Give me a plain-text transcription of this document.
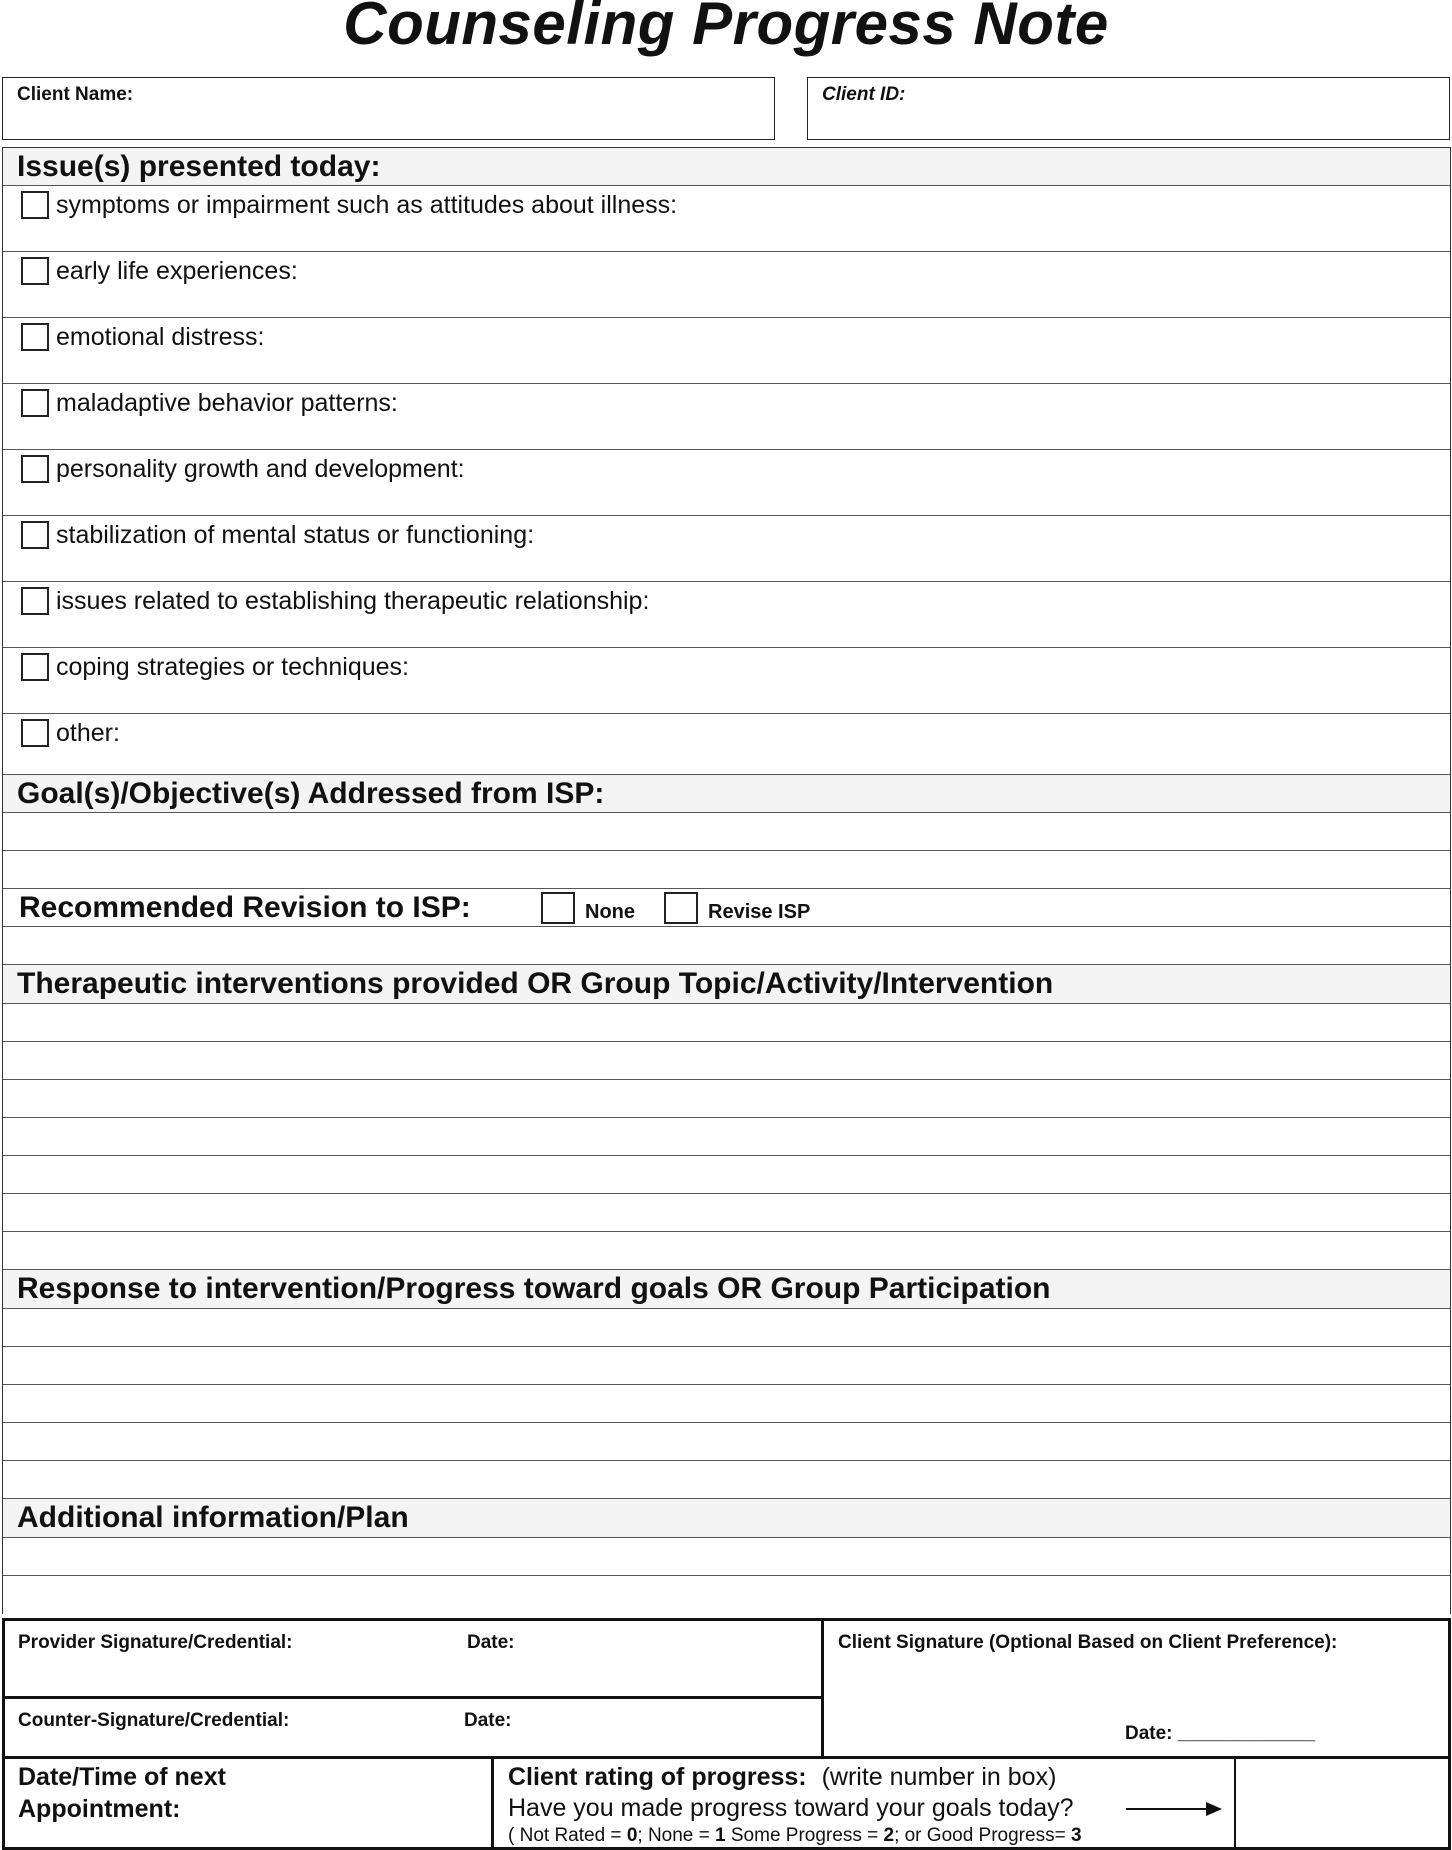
Counseling Progress Note
Client Name:	Client ID:
Issue(s) presented today:
symptoms or impairment such as attitudes about illness:
early life experiences:
emotional distress:
maladaptive behavior patterns:
personality growth and development:
stabilization of mental status or functioning:
issues related to establishing therapeutic relationship:
coping strategies or techniques:
other:
Goal(s)/Objective(s) Addressed from ISP:
Recommended Revision to ISP:	None	Revise ISP
Therapeutic interventions provided OR Group Topic/Activity/Intervention
Response to intervention/Progress toward goals OR Group Participation
Additional information/Plan
Provider Signature/Credential:	Date:
Counter-Signature/Credential:	Date:
Client Signature (Optional Based on Client Preference):
Date: _____________
Date/Time of next
Appointment:
Client rating of progress: (write number in box)
Have you made progress toward your goals today?
( Not Rated = 0; None = 1 Some Progress = 2; or Good Progress= 3
